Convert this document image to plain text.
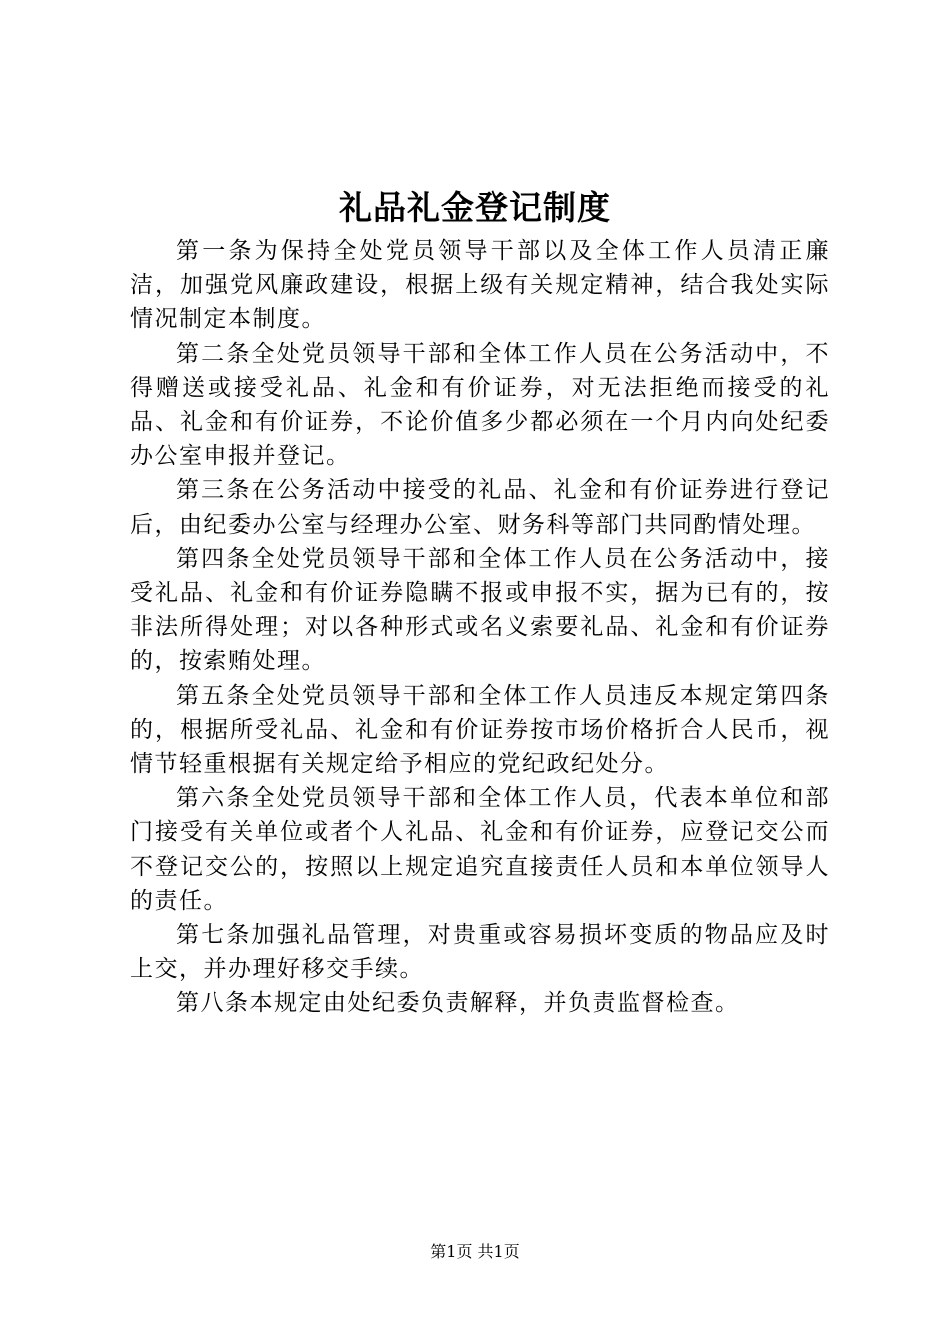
礼品礼金登记制度

第一条为保持全处党员领导干部以及全体工作人员清正廉洁，加强党风廉政建设，根据上级有关规定精神，结合我处实际情况制定本制度。

第二条全处党员领导干部和全体工作人员在公务活动中，不得赠送或接受礼品、礼金和有价证券，对无法拒绝而接受的礼品、礼金和有价证券，不论价值多少都必须在一个月内向处纪委办公室申报并登记。

第三条在公务活动中接受的礼品、礼金和有价证券进行登记后，由纪委办公室与经理办公室、财务科等部门共同酌情处理。

第四条全处党员领导干部和全体工作人员在公务活动中，接受礼品、礼金和有价证券隐瞒不报或申报不实，据为已有的，按非法所得处理；对以各种形式或名义索要礼品、礼金和有价证券的，按索贿处理。

第五条全处党员领导干部和全体工作人员违反本规定第四条的，根据所受礼品、礼金和有价证券按市场价格折合人民币，视情节轻重根据有关规定给予相应的党纪政纪处分。

第六条全处党员领导干部和全体工作人员，代表本单位和部门接受有关单位或者个人礼品、礼金和有价证券，应登记交公而不登记交公的，按照以上规定追究直接责任人员和本单位领导人的责任。

第七条加强礼品管理，对贵重或容易损坏变质的物品应及时上交，并办理好移交手续。

第八条本规定由处纪委负责解释，并负责监督检查。

第1页 共1页
